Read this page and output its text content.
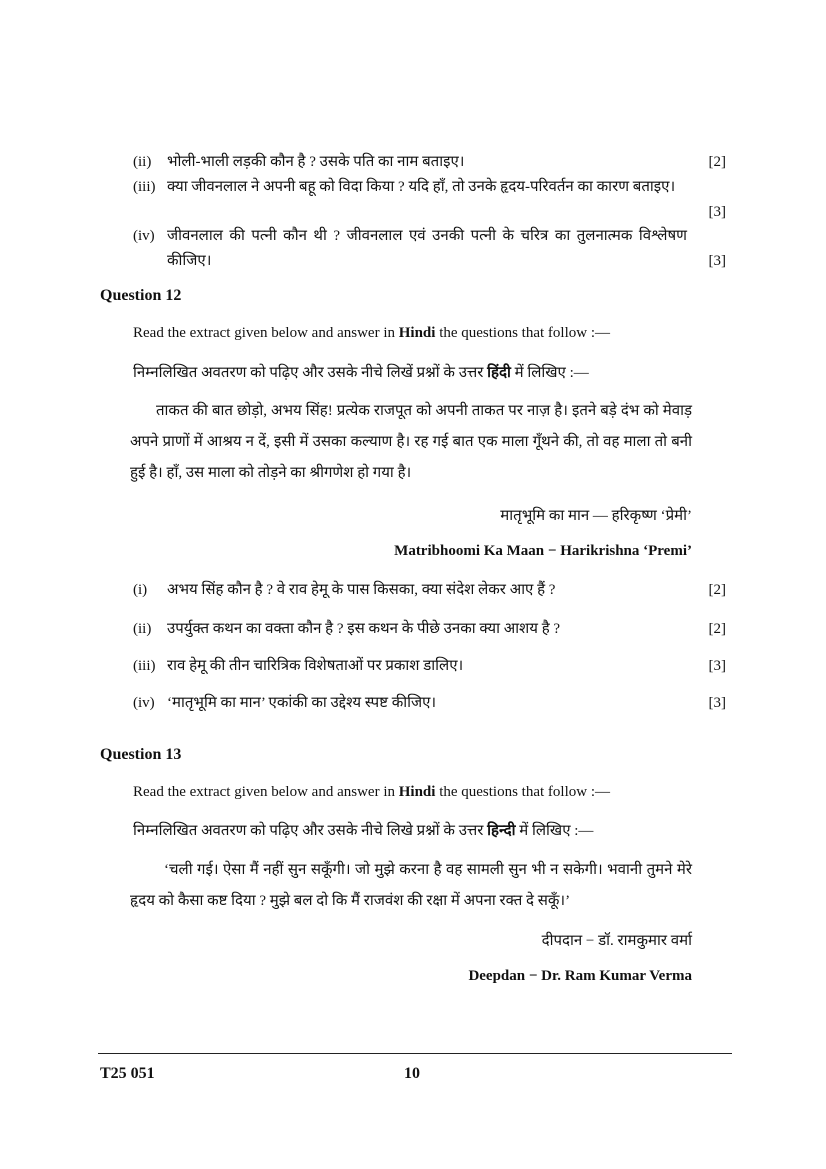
(ii)	भोली-भाली लड़की कौन है ? उसके पति का नाम बताइए।	[2]
(iii) क्या जीवनलाल ने अपनी बहू को विदा किया ? यदि हाँ, तो उनके हृदय-परिवर्तन का कारण बताइए।
[3]
(iv) जीवनलाल की पत्नी कौन थी ? जीवनलाल एवं उनकी पत्नी के चरित्र का तुलनात्मक विश्लेषण कीजिए।	[3]
Question 12
Read the extract given below and answer in Hindi the questions that follow :—
निम्नलिखित अवतरण को पढ़िए और उसके नीचे लिखें प्रश्नों के उत्तर हिंदी में लिखिए :—
ताकत की बात छोड़ो, अभय सिंह! प्रत्येक राजपूत को अपनी ताकत पर नाज़ है। इतने बड़े दंभ को मेवाड़ अपने प्राणों में आश्रय न दें, इसी में उसका कल्याण है। रह गई बात एक माला गूँथने की, तो वह माला तो बनी हुई है। हाँ, उस माला को तोड़ने का श्रीगणेश हो गया है।
मातृभूमि का मान — हरिकृष्ण ‘प्रेमी’
Matribhoomi Ka Maan − Harikrishna ‘Premi’
(i)	अभय सिंह कौन है ? वे राव हेमू के पास किसका, क्या संदेश लेकर आए हैं ?	[2]
(ii)	उपर्युक्त कथन का वक्ता कौन है ? इस कथन के पीछे उनका क्या आशय है ?	[2]
(iii) राव हेमू की तीन चारित्रिक विशेषताओं पर प्रकाश डालिए।	[3]
(iv) ‘मातृभूमि का मान’ एकांकी का उद्देश्य स्पष्ट कीजिए।	[3]
Question 13
Read the extract given below and answer in Hindi the questions that follow :—
निम्नलिखित अवतरण को पढ़िए और उसके नीचे लिखे प्रश्नों के उत्तर हिन्दी में लिखिए :—
‘चली गई। ऐसा मैं नहीं सुन सकूँगी। जो मुझे करना है वह सामली सुन भी न सकेगी। भवानी तुमने मेरे हृदय को कैसा कष्ट दिया ? मुझे बल दो कि मैं राजवंश की रक्षा में अपना रक्त दे सकूँ।’
दीपदान − डॉ. रामकुमार वर्मा
Deepdan − Dr. Ram Kumar Verma
T25 051	10
